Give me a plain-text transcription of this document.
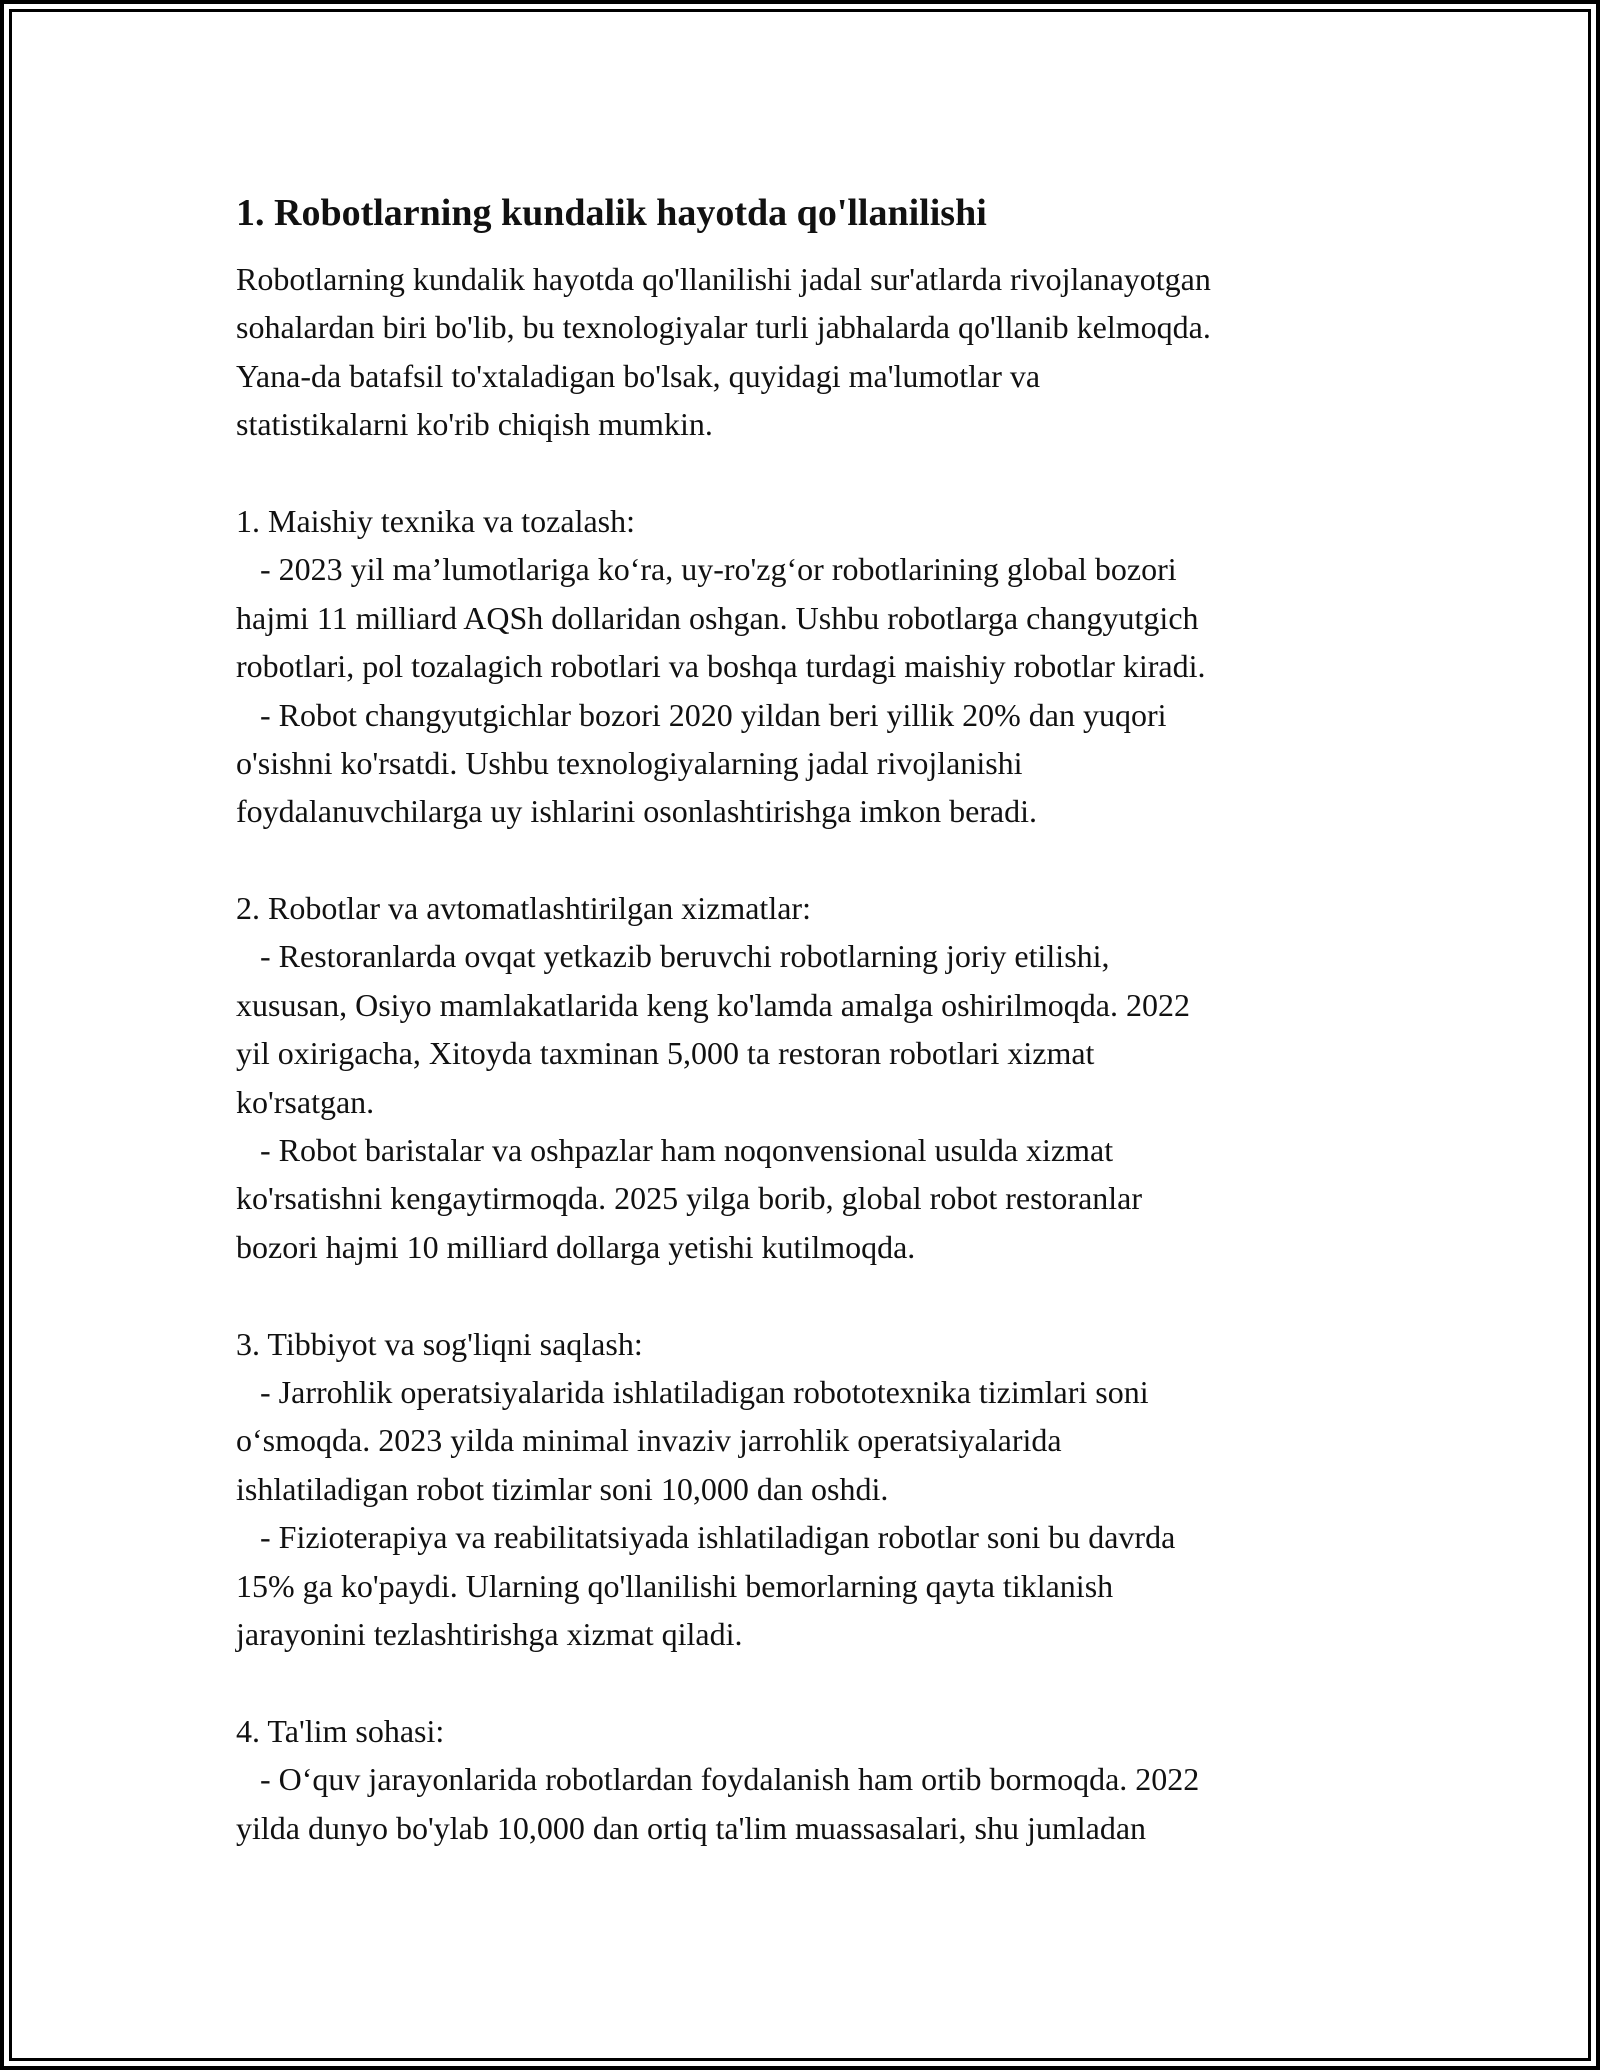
1. Robotlarning kundalik hayotda qo'llanilishi

Robotlarning kundalik hayotda qo'llanilishi jadal sur'atlarda rivojlanayotgan

sohalardan biri bo'lib, bu texnologiyalar turli jabhalarda qo'llanib kelmoqda.

Yana-da batafsil to'xtaladigan bo'lsak, quyidagi ma'lumotlar va

statistikalarni ko'rib chiqish mumkin.

1. Maishiy texnika va tozalash:

- 2023 yil ma’lumotlariga ko‘ra, uy-ro'zg‘or robotlarining global bozori

hajmi 11 milliard AQSh dollaridan oshgan. Ushbu robotlarga changyutgich

robotlari, pol tozalagich robotlari va boshqa turdagi maishiy robotlar kiradi.

- Robot changyutgichlar bozori 2020 yildan beri yillik 20% dan yuqori

o'sishni ko'rsatdi. Ushbu texnologiyalarning jadal rivojlanishi

foydalanuvchilarga uy ishlarini osonlashtirishga imkon beradi.

2. Robotlar va avtomatlashtirilgan xizmatlar:

- Restoranlarda ovqat yetkazib beruvchi robotlarning joriy etilishi,

xususan, Osiyo mamlakatlarida keng ko'lamda amalga oshirilmoqda. 2022

yil oxirigacha, Xitoyda taxminan 5,000 ta restoran robotlari xizmat

ko'rsatgan.

- Robot baristalar va oshpazlar ham noqonvensional usulda xizmat

ko'rsatishni kengaytirmoqda. 2025 yilga borib, global robot restoranlar

bozori hajmi 10 milliard dollarga yetishi kutilmoqda.

3. Tibbiyot va sog'liqni saqlash:

- Jarrohlik operatsiyalarida ishlatiladigan robototexnika tizimlari soni

o‘smoqda. 2023 yilda minimal invaziv jarrohlik operatsiyalarida

ishlatiladigan robot tizimlar soni 10,000 dan oshdi.

- Fizioterapiya va reabilitatsiyada ishlatiladigan robotlar soni bu davrda

15% ga ko'paydi. Ularning qo'llanilishi bemorlarning qayta tiklanish

jarayonini tezlashtirishga xizmat qiladi.

4. Ta'lim sohasi:

- O‘quv jarayonlarida robotlardan foydalanish ham ortib bormoqda. 2022

yilda dunyo bo'ylab 10,000 dan ortiq ta'lim muassasalari, shu jumladan
